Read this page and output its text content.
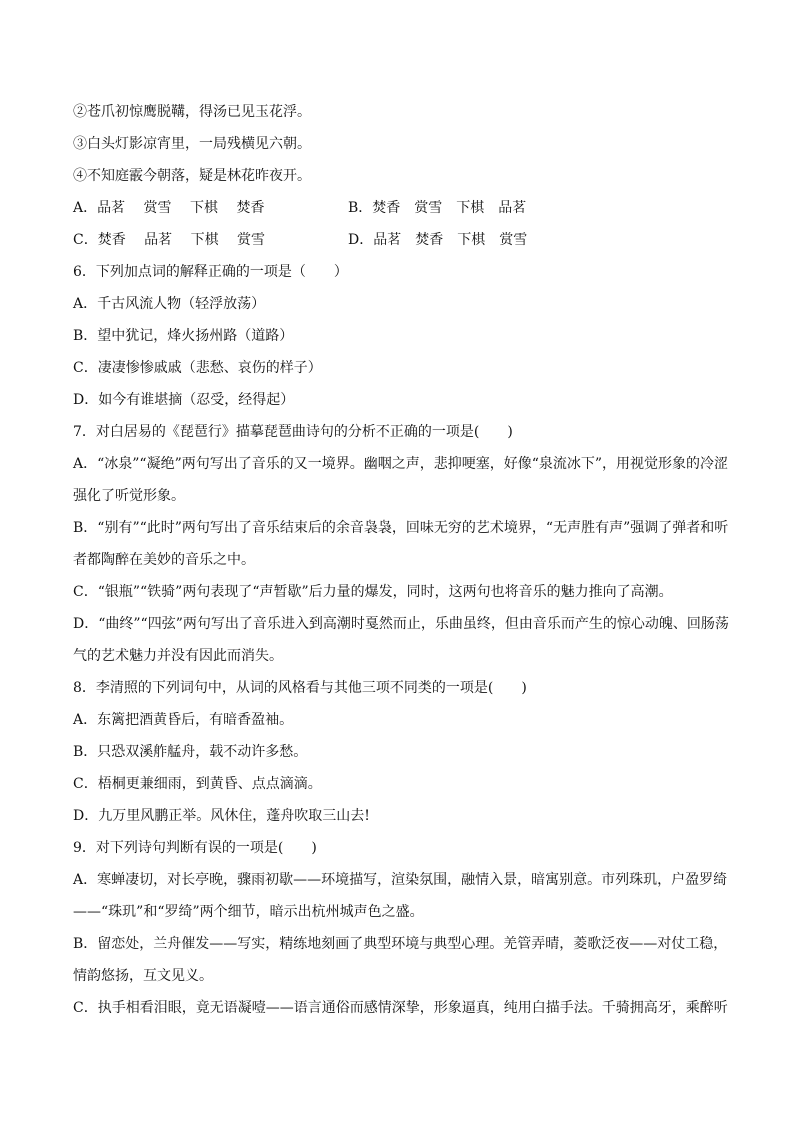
②苍爪初惊鹰脱鞲，得汤已见玉花浮。
③白头灯影凉宵里，一局残横见六朝。
④不知庭霰今朝落，疑是林花昨夜开。
A．品茗　 赏雪　 下棋　 焚香	B．焚香　赏雪　下棋　品茗
C．焚香　 品茗　 下棋　 赏雪	D．品茗　焚香　下棋　赏雪
6．下列加点词的解释正确的一项是（　　）
A．千古风流人物（轻浮放荡）
B．望中犹记，烽火扬州路（道路）
C．凄凄惨惨戚戚（悲愁、哀伤的样子）
D．如今有谁堪摘（忍受，经得起）
7．对白居易的《琵琶行》描摹琵琶曲诗句的分析不正确的一项是(　　)
A．“冰泉”“凝绝”两句写出了音乐的又一境界。幽咽之声，悲抑哽塞，好像“泉流冰下”，用视觉形象的冷涩
强化了听觉形象。
B．“别有”“此时”两句写出了音乐结束后的余音袅袅，回味无穷的艺术境界，“无声胜有声”强调了弹者和听
者都陶醉在美妙的音乐之中。
C．“银瓶”“铁骑”两句表现了“声暂歇”后力量的爆发，同时，这两句也将音乐的魅力推向了高潮。
D．“曲终”“四弦”两句写出了音乐进入到高潮时戛然而止，乐曲虽终，但由音乐而产生的惊心动魄、回肠荡
气的艺术魅力并没有因此而消失。
8．李清照的下列词句中，从词的风格看与其他三项不同类的一项是(　　)
A．东篱把酒黄昏后，有暗香盈袖。
B．只恐双溪舴艋舟，载不动许多愁。
C．梧桐更兼细雨，到黄昏、点点滴滴。
D．九万里风鹏正举。风休住，蓬舟吹取三山去!
9．对下列诗句判断有误的一项是(　　)
A．寒蝉凄切，对长亭晚，骤雨初歇——环境描写，渲染氛围，融情入景，暗寓别意。市列珠玑，户盈罗绮
——“珠玑”和“罗绮”两个细节，暗示出杭州城声色之盛。
B．留恋处，兰舟催发——写实，精练地刻画了典型环境与典型心理。羌管弄晴，菱歌泛夜——对仗工稳，
情韵悠扬，互文见义。
C．执手相看泪眼，竟无语凝噎——语言通俗而感情深挚，形象逼真，纯用白描手法。千骑拥高牙，乘醉听
